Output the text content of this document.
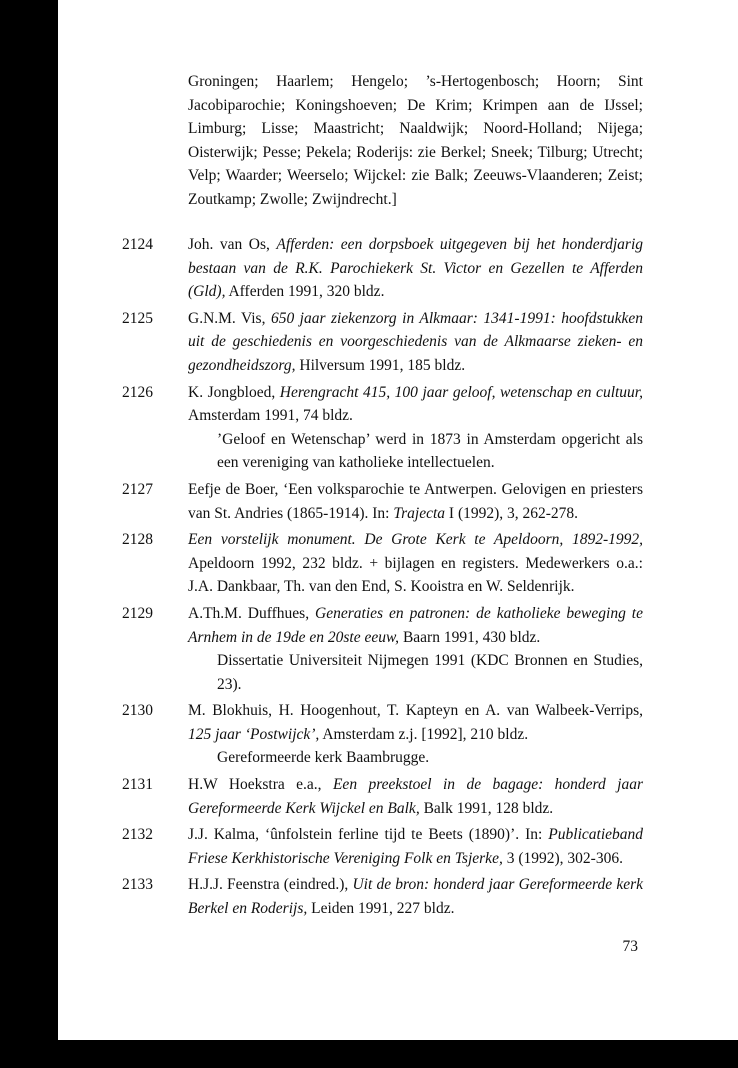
Groningen; Haarlem; Hengelo; ’s-Hertogenbosch; Hoorn; Sint Jacobiparochie; Koningshoeven; De Krim; Krimpen aan de IJssel; Limburg; Lisse; Maastricht; Naaldwijk; Noord-Holland; Nijega; Oisterwijk; Pesse; Pekela; Roderijs: zie Berkel; Sneek; Tilburg; Utrecht; Velp; Waarder; Weerselo; Wijckel: zie Balk; Zeeuws-Vlaanderen; Zeist; Zoutkamp; Zwolle; Zwijndrecht.]
2124 Joh. van Os, Afferden: een dorpsboek uitgegeven bij het honderdjarig bestaan van de R.K. Parochiekerk St. Victor en Gezellen te Afferden (Gld), Afferden 1991, 320 bldz.
2125 G.N.M. Vis, 650 jaar ziekenzorg in Alkmaar: 1341-1991: hoofdstukken uit de geschiedenis en voorgeschiedenis van de Alkmaarse zieken- en gezondheidszorg, Hilversum 1991, 185 bldz.
2126 K. Jongbloed, Herengracht 415, 100 jaar geloof, wetenschap en cultuur, Amsterdam 1991, 74 bldz.
’Geloof en Wetenschap’ werd in 1873 in Amsterdam opgericht als een vereniging van katholieke intellectuelen.
2127 Eefje de Boer, ‘Een volksparochie te Antwerpen. Gelovigen en priesters van St. Andries (1865-1914). In: Trajecta I (1992), 3, 262-278.
2128 Een vorstelijk monument. De Grote Kerk te Apeldoorn, 1892-1992, Apeldoorn 1992, 232 bldz. + bijlagen en registers. Medewerkers o.a.: J.A. Dankbaar, Th. van den End, S. Kooistra en W. Seldenrijk.
2129 A.Th.M. Duffhues, Generaties en patronen: de katholieke beweging te Arnhem in de 19de en 20ste eeuw, Baarn 1991, 430 bldz.
Dissertatie Universiteit Nijmegen 1991 (KDC Bronnen en Studies, 23).
2130 M. Blokhuis, H. Hoogenhout, T. Kapteyn en A. van Walbeek-Verrips, 125 jaar ‘Postwijck’, Amsterdam z.j. [1992], 210 bldz.
Gereformeerde kerk Baambrugge.
2131 H.W Hoekstra e.a., Een preekstoel in de bagage: honderd jaar Gereformeerde Kerk Wijckel en Balk, Balk 1991, 128 bldz.
2132 J.J. Kalma, ‘ûnfolstein ferline tijd te Beets (1890)’. In: Publicatieband Friese Kerkhistorische Vereniging Folk en Tsjerke, 3 (1992), 302-306.
2133 H.J.J. Feenstra (eindred.), Uit de bron: honderd jaar Gereformeerde kerk Berkel en Roderijs, Leiden 1991, 227 bldz.
73
